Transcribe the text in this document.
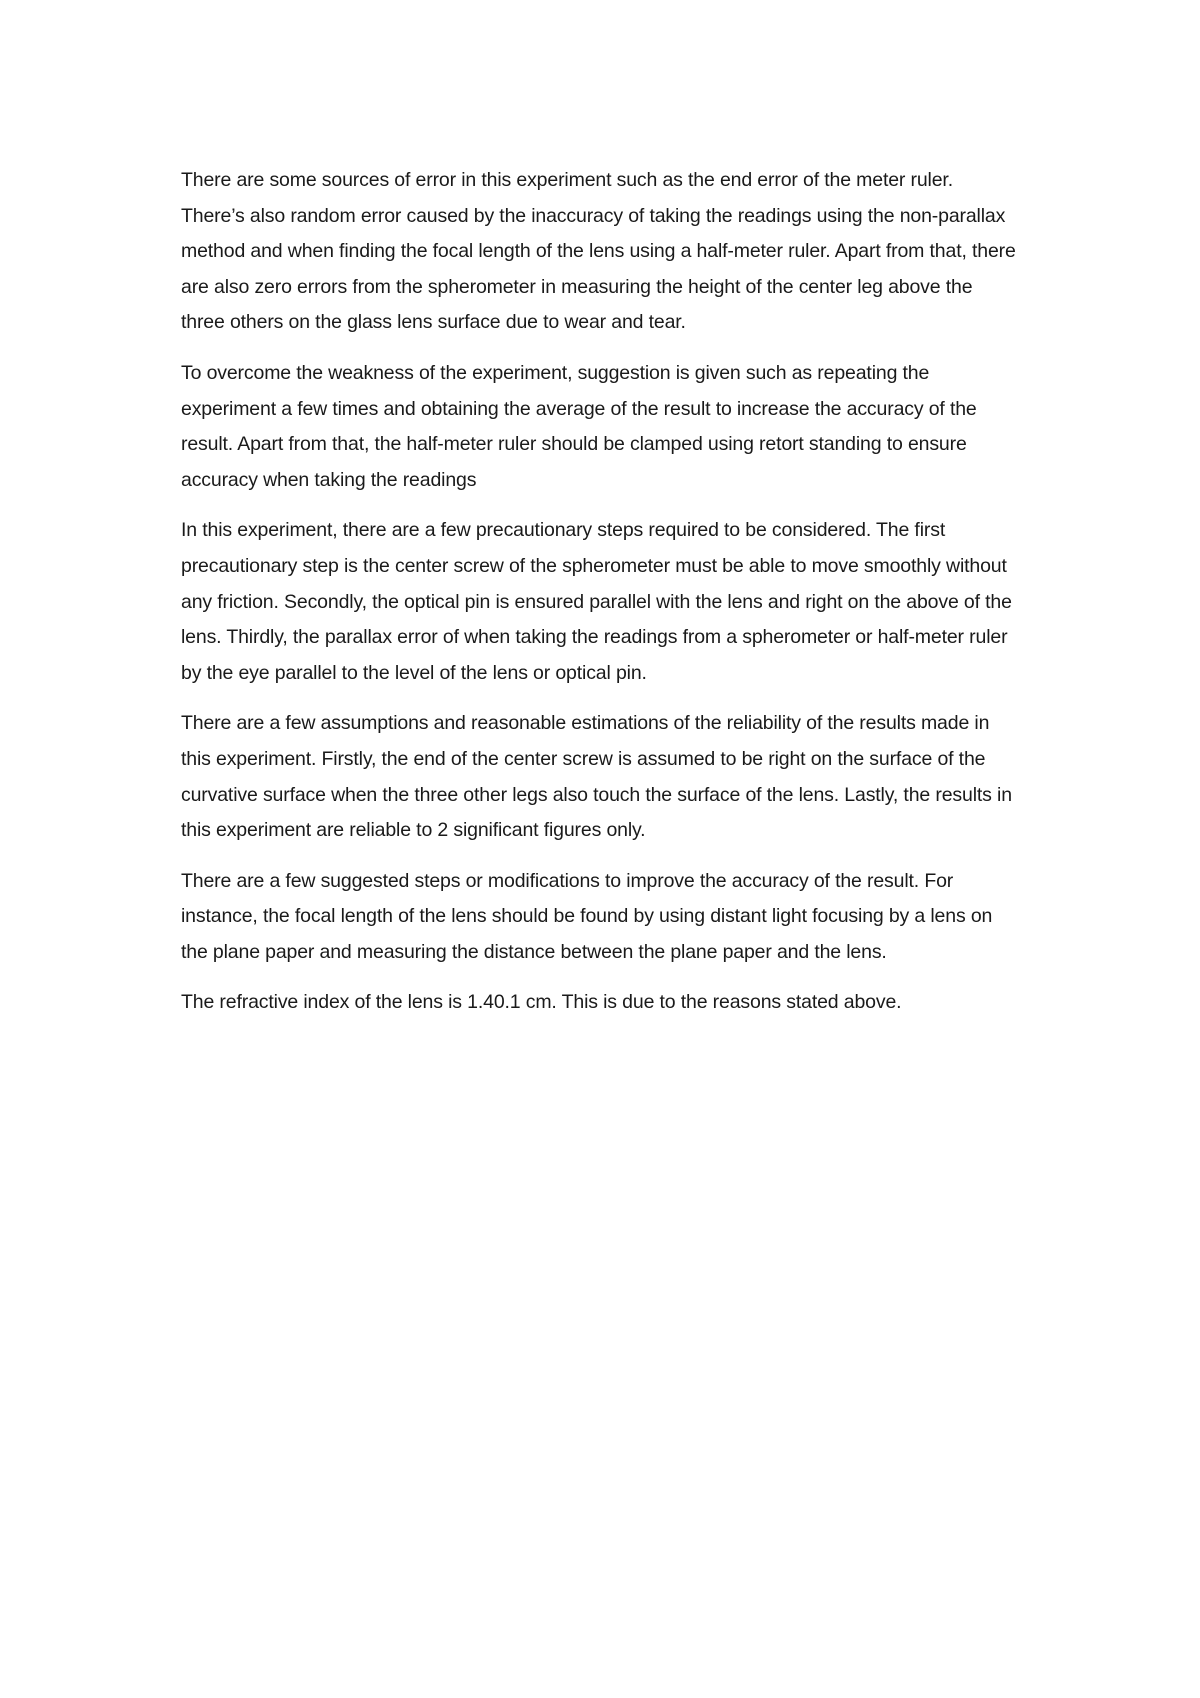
There are some sources of error in this experiment such as the end error of the meter ruler. There’s also random error caused by the inaccuracy of taking the readings using the non-parallax method and when finding the focal length of the lens using a half-meter ruler. Apart from that, there are also zero errors from the spherometer in measuring the height of the center leg above the three others on the glass lens surface due to wear and tear.

To overcome the weakness of the experiment, suggestion is given such as repeating the experiment a few times and obtaining the average of the result to increase the accuracy of the result. Apart from that, the half-meter ruler should be clamped using retort standing to ensure accuracy when taking the readings

In this experiment, there are a few precautionary steps required to be considered. The first precautionary step is the center screw of the spherometer must be able to move smoothly without any friction. Secondly, the optical pin is ensured parallel with the lens and right on the above of the lens. Thirdly, the parallax error of when taking the readings from a spherometer or half-meter ruler by the eye parallel to the level of the lens or optical pin.

There are a few assumptions and reasonable estimations of the reliability of the results made in this experiment. Firstly, the end of the center screw is assumed to be right on the surface of the curvative surface when the three other legs also touch the surface of the lens. Lastly, the results in this experiment are reliable to 2 significant figures only.

There are a few suggested steps or modifications to improve the accuracy of the result. For instance, the focal length of the lens should be found by using distant light focusing by a lens on the plane paper and measuring the distance between the plane paper and the lens.

The refractive index of the lens is 1.40.1 cm. This is due to the reasons stated above.
